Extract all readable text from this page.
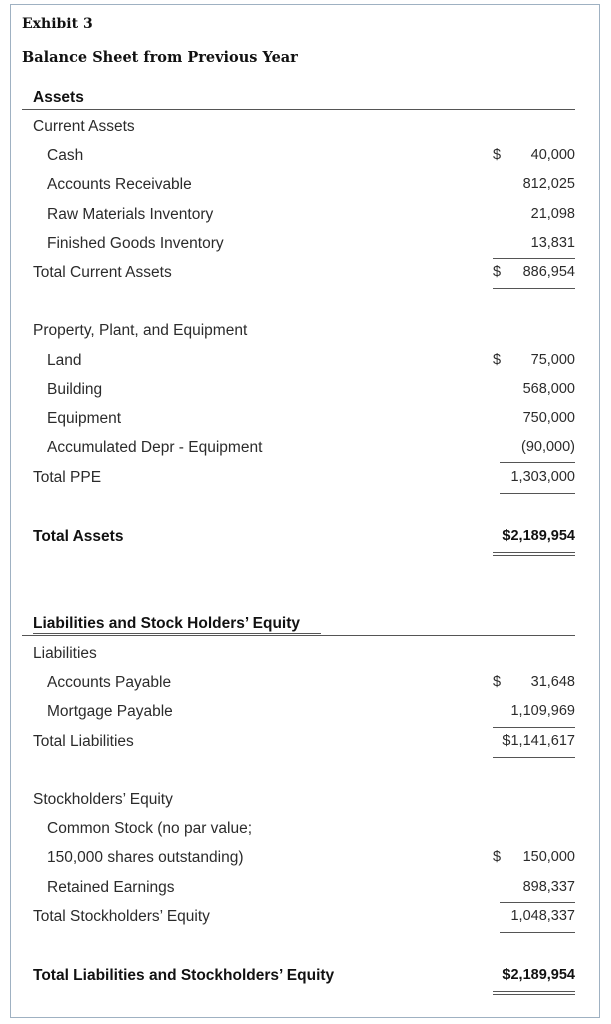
Exhibit 3
Balance Sheet from Previous Year
Assets
Current Assets
Cash	$ 40,000
Accounts Receivable	812,025
Raw Materials Inventory	21,098
Finished Goods Inventory	13,831
Total Current Assets	$ 886,954
Property, Plant, and Equipment
Land	$ 75,000
Building	568,000
Equipment	750,000
Accumulated Depr - Equipment	(90,000)
Total PPE	1,303,000
Total Assets	$2,189,954
Liabilities and Stock Holders’ Equity
Liabilities
Accounts Payable	$ 31,648
Mortgage Payable	1,109,969
Total Liabilities	$1,141,617
Stockholders’ Equity
Common Stock (no par value;
150,000 shares outstanding)	$ 150,000
Retained Earnings	898,337
Total Stockholders’ Equity	1,048,337
Total Liabilities and Stockholders’ Equity	$2,189,954
